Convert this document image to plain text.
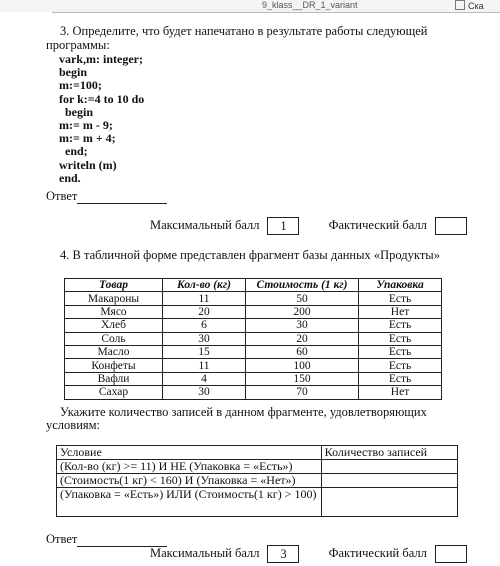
9_klass__DR_1_variant	Ска
3. Определите, что будет напечатано в результате работы следующей
программы:
vark,m: integer;
begin
m:=100;
for k:=4 to 10 do
begin
m:= m - 9;
m:= m + 4;
end;
writeln (m)
end.
Ответ
Максимальный балл 1	Фактический балл
4. В табличной форме представлен фрагмент базы данных «Продукты»
Товар	Кол-во (кг)	Стоимость (1 кг)	Упаковка
Макароны	11	50	Есть
Мясо	20	200	Нет
Хлеб	6	30	Есть
Соль	30	20	Есть
Масло	15	60	Есть
Конфеты	11	100	Есть
Вафли	4	150	Есть
Сахар	30	70	Нет
Укажите количество записей в данном фрагменте, удовлетворяющих
условиям:
Условие	Количество записей
(Кол-во (кг) >= 11) И НЕ (Упаковка = «Есть»)	
(Стоимость(1 кг) < 160) И (Упаковка = «Нет»)	
(Упаковка = «Есть») ИЛИ (Стоимость(1 кг) > 100)	
Ответ
Максимальный балл 3	Фактический балл
